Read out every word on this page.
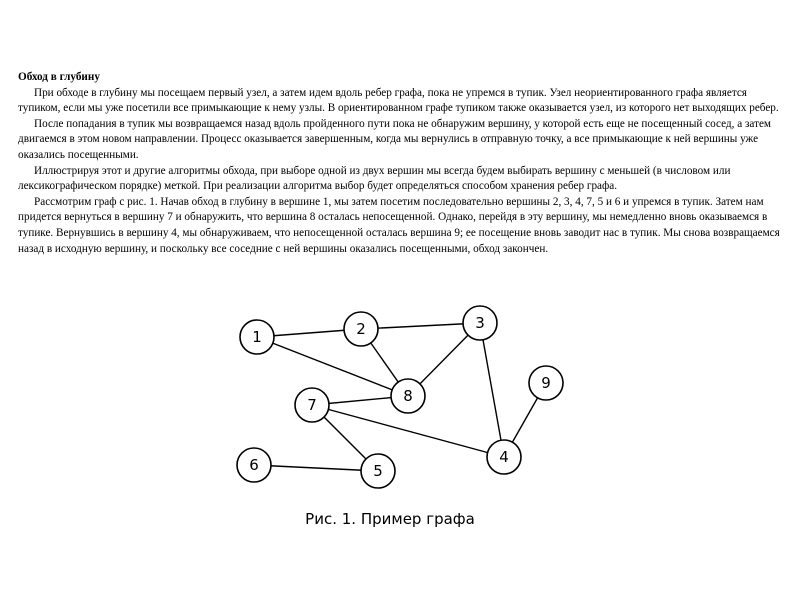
Обход в глубину

При обходе в глубину мы посещаем первый узел, а затем идем вдоль ребер графа, пока не упремся в тупик. Узел неориентированного графа является тупиком, если мы уже посетили все примыкающие к нему узлы. В ориентированном графе тупиком также оказывается узел, из которого нет выходящих ребер.

После попадания в тупик мы возвращаемся назад вдоль пройденного пути пока не обнаружим вершину, у которой есть еще не посещенный сосед, а затем двигаемся в этом новом направлении. Процесс оказывается завершенным, когда мы вернулись в отправную точку, а все примыкающие к ней вершины уже оказались посещенными.

Иллюстрируя этот и другие алгоритмы обхода, при выборе одной из двух вершин мы всегда будем выбирать вершину с меньшей (в числовом или лексикографическом порядке) меткой. При реализации алгоритма выбор будет определяться способом хранения ребер графа.

Рассмотрим граф с рис. 1. Начав обход в глубину в вершине 1, мы затем посетим последовательно вершины 2, 3, 4, 7, 5 и 6 и упремся в тупик. Затем нам придется вернуться в вершину 7 и обнаружить, что вершина 8 осталась непосещенной. Однако, перейдя в эту вершину, мы немедленно вновь оказываемся в тупике. Вернувшись в вершину 4, мы обнаруживаем, что непосещенной осталась вершина 9; ее посещение вновь заводит нас в тупик. Мы снова возвращаемся назад в исходную вершину, и поскольку все соседние с ней вершины оказались посещенными, обход закончен.

1	2	3
4
5
6
7	8
9
Рис. 1. Пример графа
